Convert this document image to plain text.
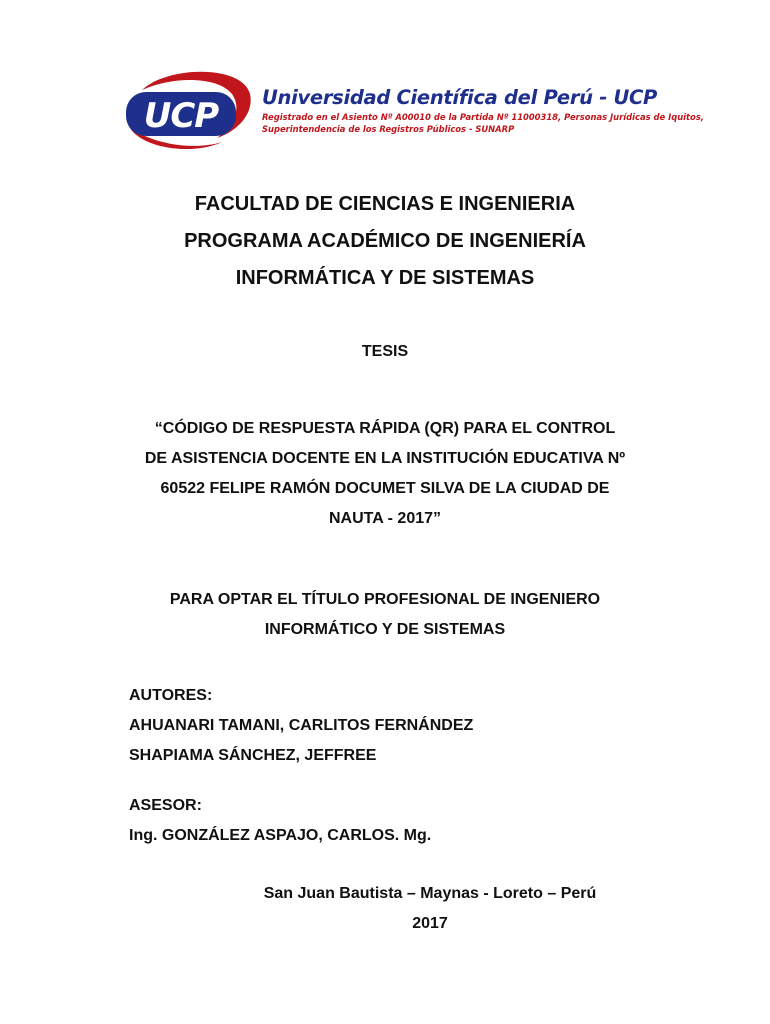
UCP Universidad Científica del Perú - UCP
Registrado en el Asiento Nº A00010 de la Partida Nº 11000318, Personas Jurídicas de Iquitos,
Superintendencia de los Registros Públicos - SUNARP
FACULTAD DE CIENCIAS E INGENIERIA
PROGRAMA ACADÉMICO DE INGENIERÍA
INFORMÁTICA Y DE SISTEMAS
TESIS
“CÓDIGO DE RESPUESTA RÁPIDA (QR) PARA EL CONTROL
DE ASISTENCIA DOCENTE EN LA INSTITUCIÓN EDUCATIVA Nº
60522 FELIPE RAMÓN DOCUMET SILVA DE LA CIUDAD DE
NAUTA - 2017”
PARA OPTAR EL TÍTULO PROFESIONAL DE INGENIERO
INFORMÁTICO Y DE SISTEMAS
AUTORES:
AHUANARI TAMANI, CARLITOS FERNÁNDEZ
SHAPIAMA SÁNCHEZ, JEFFREE
ASESOR:
Ing. GONZÁLEZ ASPAJO, CARLOS. Mg.
San Juan Bautista – Maynas - Loreto – Perú
2017
